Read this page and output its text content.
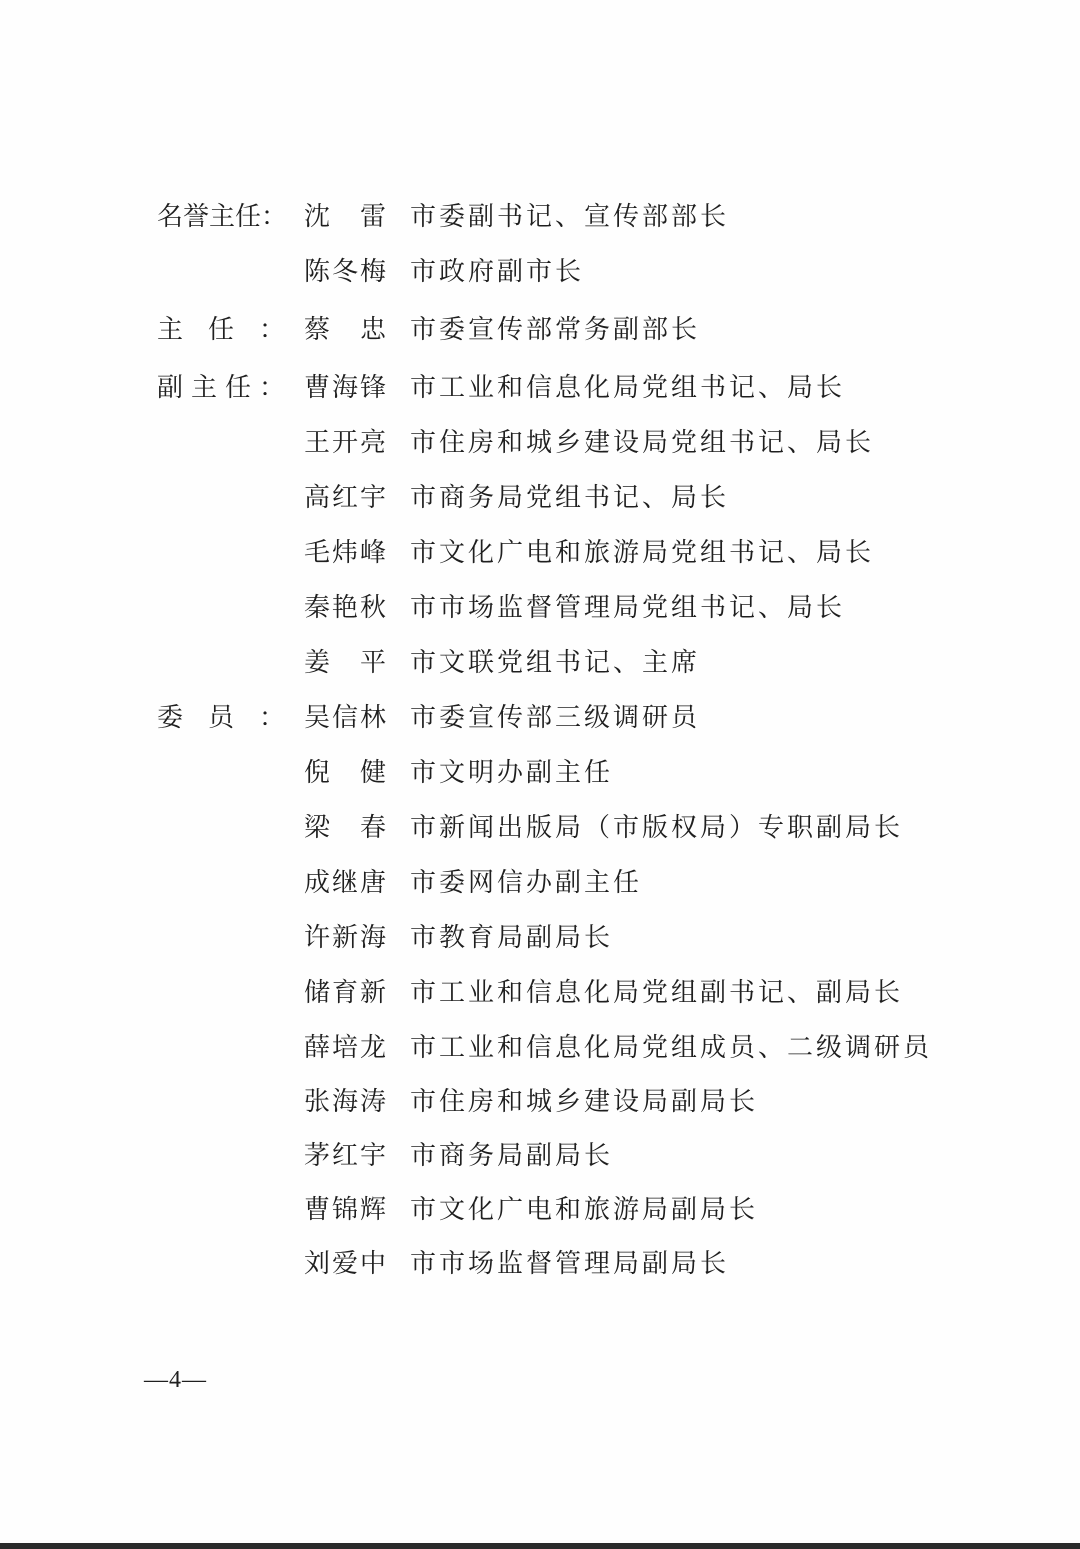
名誉主任： 沈 雷 市委副书记、宣传部部长
陈冬梅 市政府副市长
主 任 ： 蔡 忠 市委宣传部常务副部长
副 主 任 ： 曹海锋 市工业和信息化局党组书记、局长
王开亮 市住房和城乡建设局党组书记、局长
高红宇 市商务局党组书记、局长
毛炜峰 市文化广电和旅游局党组书记、局长
秦艳秋 市市场监督管理局党组书记、局长
姜 平 市文联党组书记、主席
委 员 ： 吴信林 市委宣传部三级调研员
倪 健 市文明办副主任
梁 春 市新闻出版局（市版权局）专职副局长
成继唐 市委网信办副主任
许新海 市教育局副局长
储育新 市工业和信息化局党组副书记、副局长
薛培龙 市工业和信息化局党组成员、二级调研员
张海涛 市住房和城乡建设局副局长
茅红宇 市商务局副局长
曹锦辉 市文化广电和旅游局副局长
刘爱中 市市场监督管理局副局长
—4—
